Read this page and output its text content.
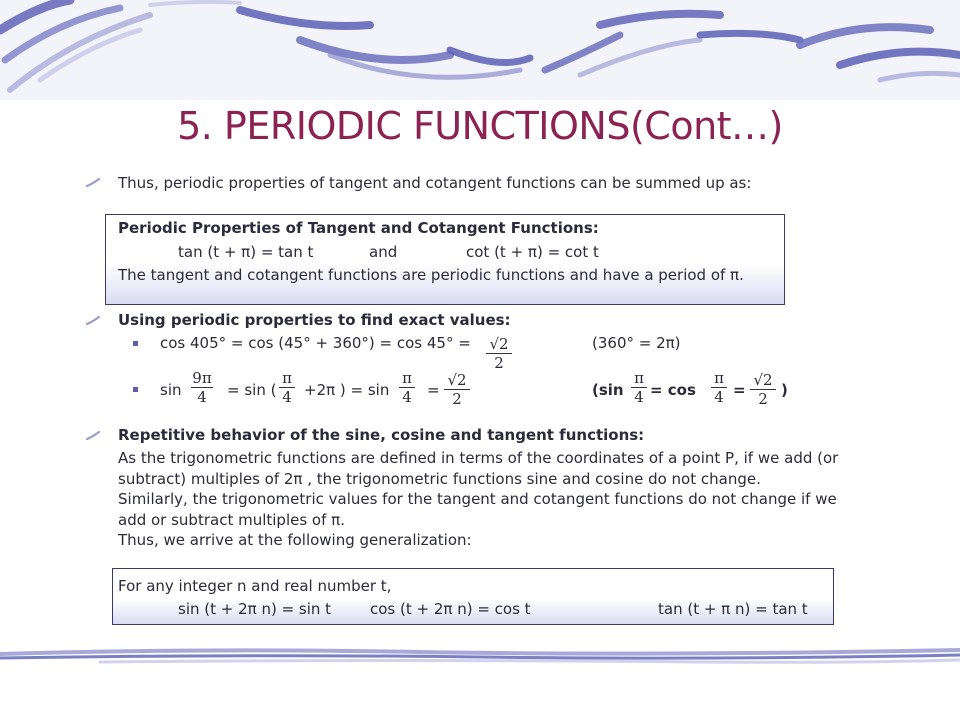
5. PERIODIC FUNCTIONS(Cont…)
Thus, periodic properties of tangent and cotangent functions can be summed up as:
Periodic Properties of Tangent and Cotangent Functions:
tan (t + π) = tan t	and	cot (t + π) = cot t
The tangent and cotangent functions are periodic functions and have a period of π.
Using periodic properties to find exact values:
$\cos 405^\circ = \cos (45^\circ + 360^\circ) = \cos 45^\circ = \frac{√2}{2}$	(360° = 2π)
$\sin \frac{9\pi}{4} = \sin$ ( $\frac{\pi}{4} +2\pi$ ) = $\sin \frac{\pi}{4} = \frac{√2}{2}$	($\sin \frac{\pi}{4} = \cos \frac{\pi}{4} = \frac{√2}{2}$ )
Repetitive behavior of the sine, cosine and tangent functions:
As the trigonometric functions are defined in terms of the coordinates of a point P, if we add (or subtract) multiples of 2π , the trigonometric functions sine and cosine do not change.
Similarly, the trigonometric values for the tangent and cotangent functions do not change if we add or subtract multiples of π.
Thus, we arrive at the following generalization:
For any integer n and real number t,
sin (t + 2π n) = sin t	cos (t + 2π n) = cos t	tan (t + π n) = tan t
